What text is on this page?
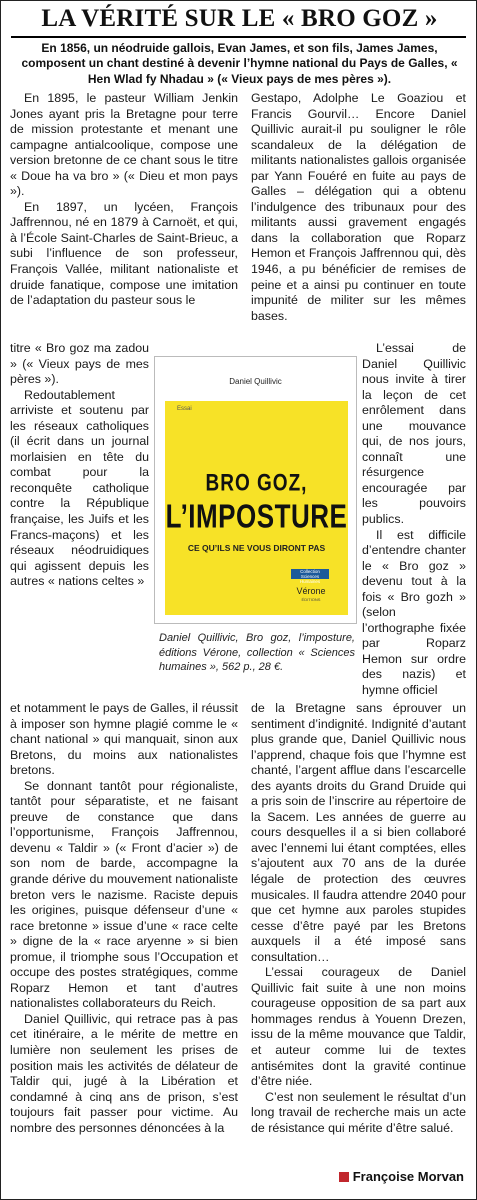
LA VÉRITÉ SUR LE « BRO GOZ »
En 1856, un néodruide gallois, Evan James, et son fils, James James, composent un chant destiné à devenir l’hymne national du Pays de Galles, « Hen Wlad fy Nhadau » (« Vieux pays de mes pères »).

En 1895, le pasteur William Jenkin Jones ayant pris la Bretagne pour terre de mission protestante et menant une campagne antialcoolique, compose une version bretonne de ce chant sous le titre « Doue ha va bro » (« Dieu et mon pays »).

En 1897, un lycéen, François Jaffrennou, né en 1879 à Carnoët, et qui, à l’École Saint-Charles de Saint-Brieuc, a subi l’influence de son professeur, François Vallée, militant nationaliste et druide fanatique, compose une imitation de l’adaptation du pasteur sous le

titre « Bro goz ma zadou » (« Vieux pays de mes pères »).

Redoutablement arriviste et soutenu par les réseaux catholiques (il écrit dans un journal morlaisien en tête du combat pour la reconquête catholique contre la République française, les Juifs et les Francs-maçons) et les réseaux néodruidiques qui agissent depuis les autres « nations celtes »

et notamment le pays de Galles, il réussit à imposer son hymne plagié comme le « chant national » qui manquait, sinon aux Bretons, du moins aux nationalistes bretons.

Se donnant tantôt pour régionaliste, tantôt pour séparatiste, et ne faisant preuve de constance que dans l’opportunisme, François Jaffrennou, devenu « Taldir » (« Front d’acier ») de son nom de barde, accompagne la grande dérive du mouvement nationaliste breton vers le nazisme. Raciste depuis les origines, puisque défenseur d’une « race bretonne » issue d’une « race celte » digne de la « race aryenne » si bien promue, il triomphe sous l’Occupation et occupe des postes stratégiques, comme Roparz Hemon et tant d’autres nationalistes collaborateurs du Reich.

Daniel Quillivic, qui retrace pas à pas cet itinéraire, a le mérite de mettre en lumière non seulement les prises de position mais les activités de délateur de Taldir qui, jugé à la Libération et condamné à cinq ans de prison, s’est toujours fait passer pour victime. Au nombre des personnes dénoncées à la

Gestapo, Adolphe Le Goaziou et Francis Gourvil… Encore Daniel Quillivic aurait-il pu souligner le rôle scandaleux de la délégation de militants nationalistes gallois organisée par Yann Fouéré en fuite au pays de Galles – délégation qui a obtenu l’indulgence des tribunaux pour des militants aussi gravement engagés dans la collaboration que Roparz Hemon et François Jaffrennou qui, dès 1946, a pu bénéficier de remises de peine et a ainsi pu continuer en toute impunité de militer sur les mêmes bases.

L’essai de Daniel Quillivic nous invite à tirer la leçon de cet enrôlement dans une mouvance qui, de nos jours, connaît une résurgence encouragée par les pouvoirs publics.

Il est difficile d’entendre chanter le « Bro goz » devenu tout à la fois « Bro gozh » (selon l’orthographe fixée par Roparz Hemon sur ordre des nazis) et hymne officiel

de la Bretagne sans éprouver un sentiment d’indignité. Indignité d’autant plus grande que, Daniel Quillivic nous l’apprend, chaque fois que l’hymne est chanté, l’argent afflue dans l’escarcelle des ayants droits du Grand Druide qui a pris soin de l’inscrire au répertoire de la Sacem. Les années de guerre au cours desquelles il a si bien collaboré avec l’ennemi lui étant comptées, elles s’ajoutent aux 70 ans de la durée légale de protection des œuvres musicales. Il faudra attendre 2040 pour que cet hymne aux paroles stupides cesse d’être payé par les Bretons auxquels il a été imposé sans consultation…

L’essai courageux de Daniel Quillivic fait suite à une non moins courageuse opposition de sa part aux hommages rendus à Youenn Drezen, issu de la même mouvance que Taldir, et auteur comme lui de textes antisémites dont la gravité continue d’être niée.

C’est non seulement le résultat d’un long travail de recherche mais un acte de résistance qui mérite d’être salué.

Daniel Quillivic
Essai
BRO GOZ,
L’IMPOSTURE
CE QU’ILS NE VOUS DIRONT PAS
Collection Sciences Humaines
Vérone
ÉDITIONS
Daniel Quillivic, Bro goz, l’imposture, éditions Vérone, collection « Sciences humaines », 562 p., 28 €.
Françoise Morvan
